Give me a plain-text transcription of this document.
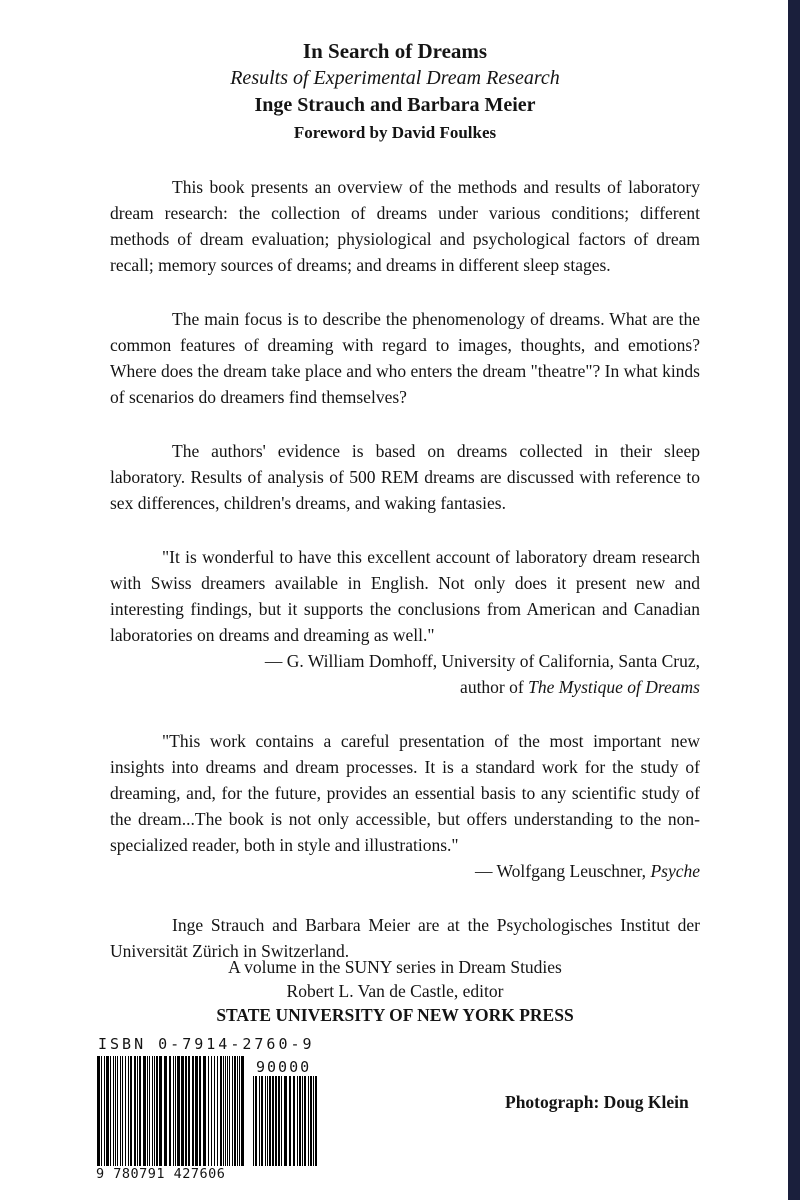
In Search of Dreams
Results of Experimental Dream Research
Inge Strauch and Barbara Meier
Foreword by David Foulkes

This book presents an overview of the methods and results of laboratory dream research: the collection of dreams under various conditions; different methods of dream evaluation; physiological and psychological factors of dream recall; memory sources of dreams; and dreams in different sleep stages.

The main focus is to describe the phenomenology of dreams. What are the common features of dreaming with regard to images, thoughts, and emotions? Where does the dream take place and who enters the dream "theatre"? In what kinds of scenarios do dreamers find themselves?

The authors' evidence is based on dreams collected in their sleep laboratory. Results of analysis of 500 REM dreams are discussed with reference to sex differences, children's dreams, and waking fantasies.

"It is wonderful to have this excellent account of laboratory dream research with Swiss dreamers available in English. Not only does it present new and interesting findings, but it supports the conclusions from American and Canadian laboratories on dreams and dreaming as well."

— G. William Domhoff, University of California, Santa Cruz,

author of The Mystique of Dreams

"This work contains a careful presentation of the most important new insights into dreams and dream processes. It is a standard work for the study of dreaming, and, for the future, provides an essential basis to any scientific study of the dream...The book is not only accessible, but offers understanding to the non-specialized reader, both in style and illustrations."

— Wolfgang Leuschner, Psyche

Inge Strauch and Barbara Meier are at the Psychologisches Institut der Universität Zürich in Switzerland.

A volume in the SUNY series in Dream Studies
Robert L. Van de Castle, editor
STATE UNIVERSITY OF NEW YORK PRESS
ISBN 0-7914-2760-9
90000
9 780791 427606
Photograph: Doug Klein
